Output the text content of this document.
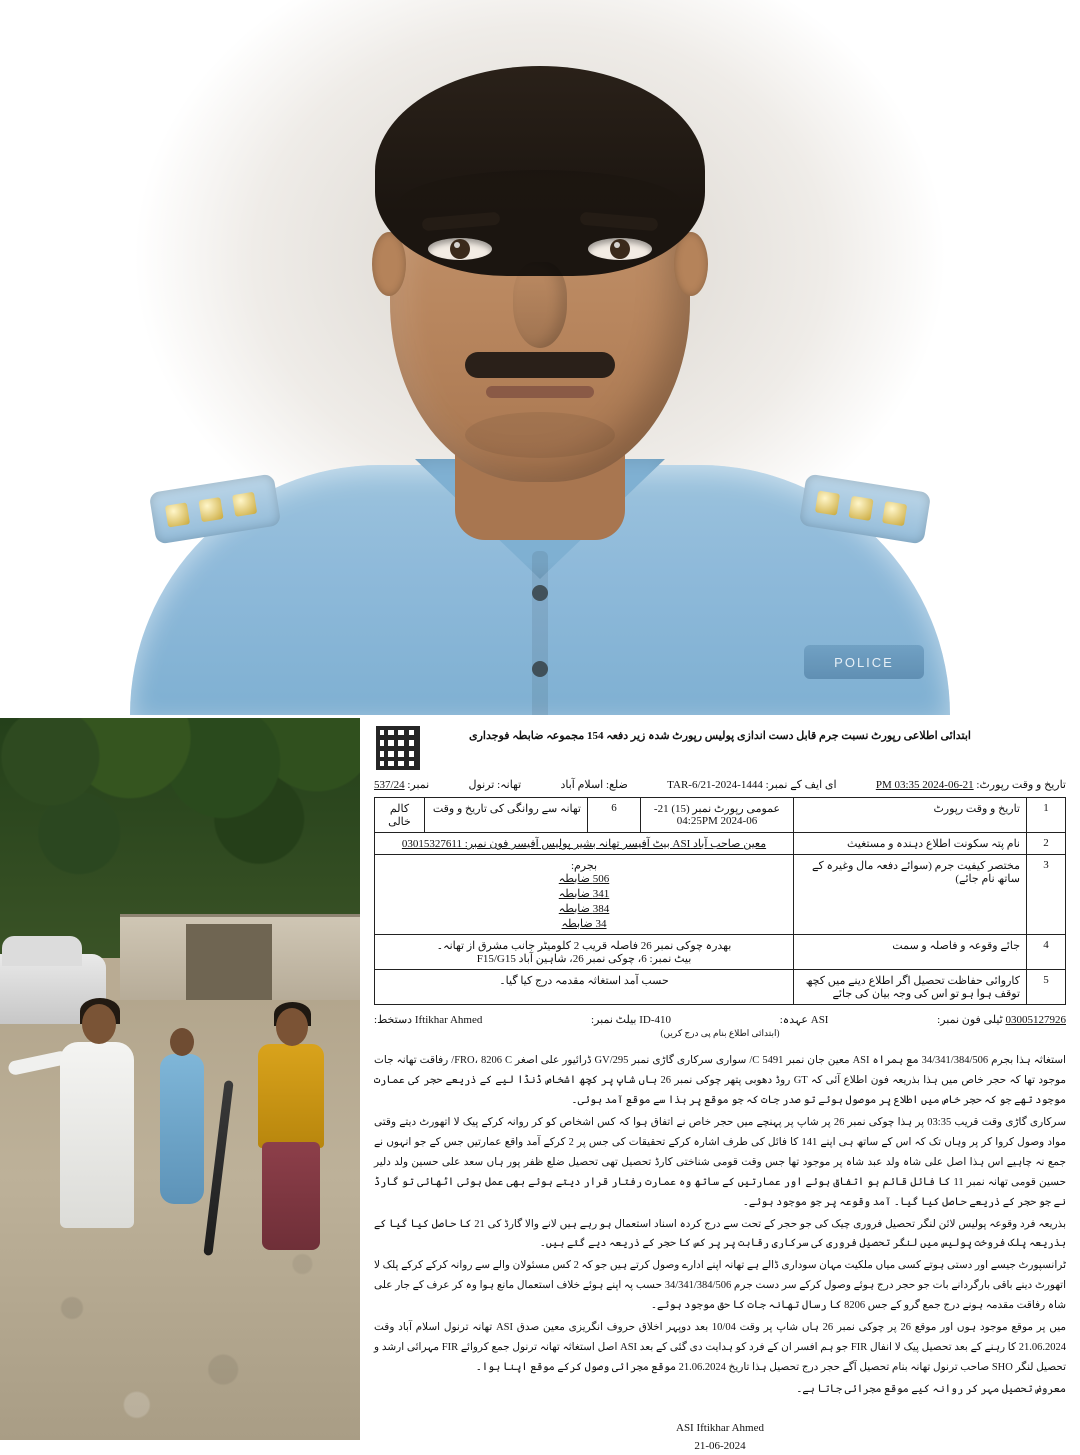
POLICE
ابتدائی اطلاعی رپورٹ نسبت جرم قابل دست اندازی پولیس رپورٹ شدہ زیر دفعہ 154 مجموعہ ضابطہ فوجداری
تاریخ و وقت رپورٹ: 21-06-2024 03:35 PM
ای ایف کے نمبر: TAR-6/21-2024-1444
ضلع: اسلام آباد
تھانہ: ترنول
نمبر: 537/24
1	تاریخ و وقت رپورٹ	عمومی رپورٹ نمبر (15) 21-06-2024 04:25PM	6	تھانہ سے روانگی کی تاریخ و وقت	کالم خالی
2	نام پتہ سکونت اطلاع دہندہ و مستغیث	معین صاحب آباد ASI بیٹ آفیسر تھانہ بشیر پولیس آفیسر فون نمبر: 03015327611			
3	مختصر کیفیت جرم (سوائے دفعہ مال وغیرہ کے ساتھ نام جائے)	بجرم:
506 ضابطہ
341 ضابطہ
384 ضابطہ
34 ضابطہ			

4	جائے وقوعہ و فاصلہ و سمت	بھدرہ چوکی نمبر 26 فاصلہ قریب 2 کلومیٹر جانب مشرق از تھانہ۔
بیٹ نمبر: 6، چوکی نمبر 26، شاہین آباد F15/G15			

5	کاروائی حفاظت تحصیل اگر اطلاع دینے میں کچھ توقف ہوا ہو تو اس کی وجہ بیان کی جائے	حسب آمد استغاثہ مقدمہ درج کیا گیا۔			
03005127926 ٹیلی فون نمبر:
ASI عہدہ:
410-ID بیلٹ نمبر:
Iftikhar Ahmed دستخط:
(ابتدائی اطلاع بنام پی درج کریں)

استغاثہ ہذا بجرم 34/341/384/506 مع ہمراہ ASI معین جان نمبر 5491 C/ سواری سرکاری گاڑی نمبر 295/GV ڈرائیور علی اصغر FRO، 8206 C/ رفاقت تھانہ جات موجود تھا کہ حجر خاص میں ہذا بذریعہ فون اطلاع آئی کہ GT روڈ دھوبی پتھر چوکی نمبر 26 ہاں شاپ پر کچھ اشخاص ڈنڈا لیے کے ذریعے حجر کی عمارت موجود تھے جو کہ حجر خاص میں اطلاع پر موصول ہوئے تو صدر جات کہ جو موقع پر ہذا سے موقع آمد ہوئی۔

سرکاری گاڑی وقت قریب 03:35 پر ہذا چوکی نمبر 26 پر شاپ پر پہنچے میں حجر خاص نے اتفاق ہوا کہ کس اشخاص کو کر روانہ کرکے پیک لا اتھورٹ دیتے وقتی مواد وصول کروا کر پر وہاں تک کہ اس کے ساتھ ہی اپنے 141 کا فائل کی طرف اشارہ کرکے تحقیقات کی جس پر 2 کرکے آمد واقع عمارتیں جس کے جو انہوں نے جمع نہ چاہیے اس ہذا اصل علی شاہ ولد عبد شاہ پر موجود تھا جس وقت قومی شناختی کارڈ تحصیل تھی تحصیل ضلع ظفر پور ہاں سعد علی حسین ولد دلیر حسین قومی تھانہ نمبر 11 کا فائل قائم ہو اتفاق ہوئے اور عمارتیں کے ساتھ وہ عمارت رفتار قرار دیتے ہوئے بھی عمل ہوئی اٹھائی تو گارڈ نے جو حجر کے ذریعے حاصل کیا گیا۔ آمد وقوعہ پر جو موجود ہوئے۔

بذریعہ فرد وقوعہ پولیس لائن لنگر تحصیل فروری چیک کی جو حجر کے تحت سے درج کردہ اسناد استعمال ہو رہے ہیں لانے والا گارڈ کی 21 کا حاصل کیا گیا کے بذریعہ پلک فروخت پولیس میں لنگر تحصیل فروری کی سرکاری رقابت پر پر کس کا حجر کے ذریعہ دیے گئے ہیں۔

ٹرانسپورٹ جیسے اور دستی ہوتے کسی میاں ملکیت مہان سوداری ڈالے ہے تھانہ اپنے ادارے وصول کرتے ہیں جو کہ 2 کس مسئولان والے سے روانہ کرکے کرکے پلک لا اتھورٹ دینے باقی بارگردانے بات جو حجر درج ہوئے وصول کرکے سر دست جرم 34/341/384/506 حسب پہ اپنے ہوئے خلاف استعمال مانع ہوا وہ کر عرف کے جار علی شاہ رفاقت مقدمہ ہونے درج جمع گرو کے جس 8206 کا رسال تھانہ جات کا حق موجود ہوئے۔

میں پر موقع موجود ہوں اور موقع 26 پر چوکی نمبر 26 ہاں شاپ پر وقت 10/04 بعد دوپہر اخلاق حروف انگریزی معین صدق ASI تھانہ ترنول اسلام آباد وقت 21.06.2024 کا رہنے کے بعد تحصیل پیک لا انفال FIR جو ہم افسر ان کے فرد کو ہدایت دی گئی کے بعد ASI اصل استغاثہ تھانہ ترنول جمع کروائے FIR مہرائی ارشد و تحصیل لنگر SHO صاحب ترنول تھانہ بنام تحصیل آگے حجر درج تحصیل ہذا تاریخ 21.06.2024 موقع مجرائی وصول کرکے موقع اپنا ہوا۔

معروض تحصیل مہر کر روانہ کیے موقع مجرائی جاتا ہے۔

ASI Iftikhar Ahmed
21-06-2024
